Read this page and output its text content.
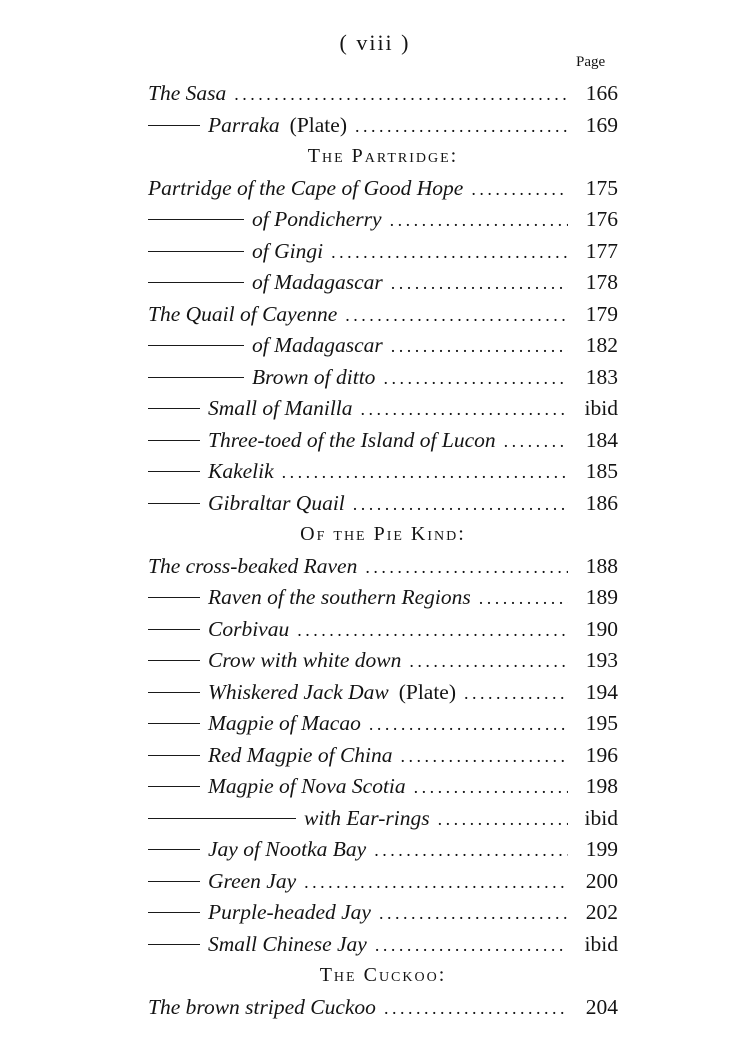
( viii )
Page
The Sasa . . .	166
Parraka (Plate) . . .	169
The Partridge:
Partridge of the Cape of Good Hope . . .	175
of Pondicherry . . .	176
of Gingi . . .	177
of Madagascar . . .	178
The Quail of Cayenne . . .	179
of Madagascar . . .	182
Brown of ditto . . .	183
Small of Manilla . . .	ibid
Three-toed of the Island of Lucon . . .	184
Kakelik . . .	185
Gibraltar Quail . . .	186
Of the Pie Kind:
The cross-beaked Raven . . .	188
Raven of the southern Regions . . .	189
Corbivau . . .	190
Crow with white down . . .	193
Whiskered Jack Daw (Plate) . . .	194
Magpie of Macao . . .	195
Red Magpie of China . . .	196
Magpie of Nova Scotia . . .	198
with Ear-rings . . .	ibid
Jay of Nootka Bay . . .	199
Green Jay . . .	200
Purple-headed Jay . . .	202
Small Chinese Jay . . .	ibid
The Cuckoo:
The brown striped Cuckoo . . .	204
